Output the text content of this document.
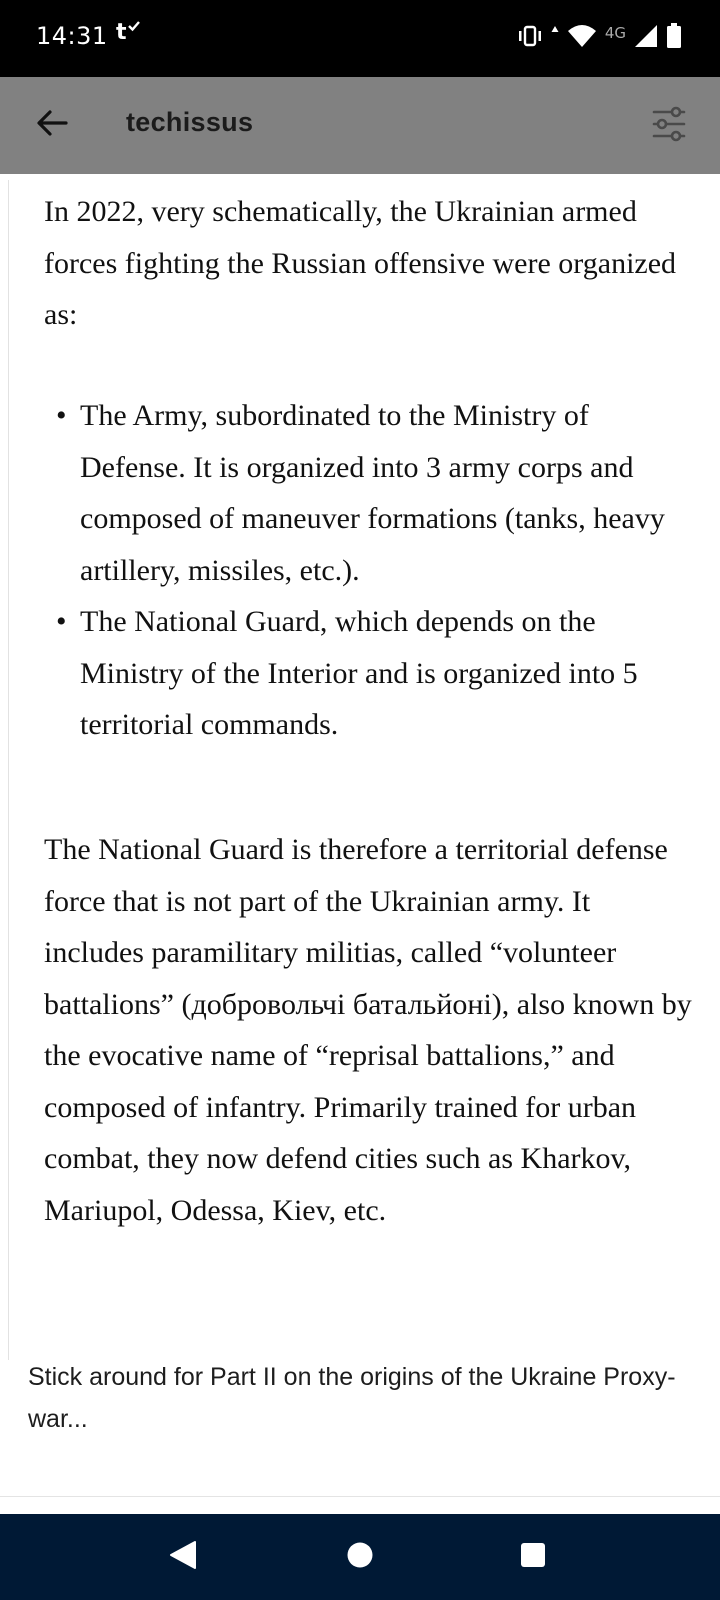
14:31 t	4G
techissus

In 2022, very schematically, the Ukrainian armed forces fighting the Russian offensive were organized as:

• The Army, subordinated to the Ministry of Defense. It is organized into 3 army corps and composed of maneuver formations (tanks, heavy artillery, missiles, etc.).
• The National Guard, which depends on the Ministry of the Interior and is organized into 5 territorial commands.

The National Guard is therefore a territorial defense force that is not part of the Ukrainian army. It includes paramilitary militias, called “volunteer battalions” (добровольчі батальйоні), also known by the evocative name of “reprisal battalions,” and composed of infantry. Primarily trained for urban combat, they now defend cities such as Kharkov, Mariupol, Odessa, Kiev, etc.

Stick around for Part II on the origins of the Ukraine Proxy-war...
